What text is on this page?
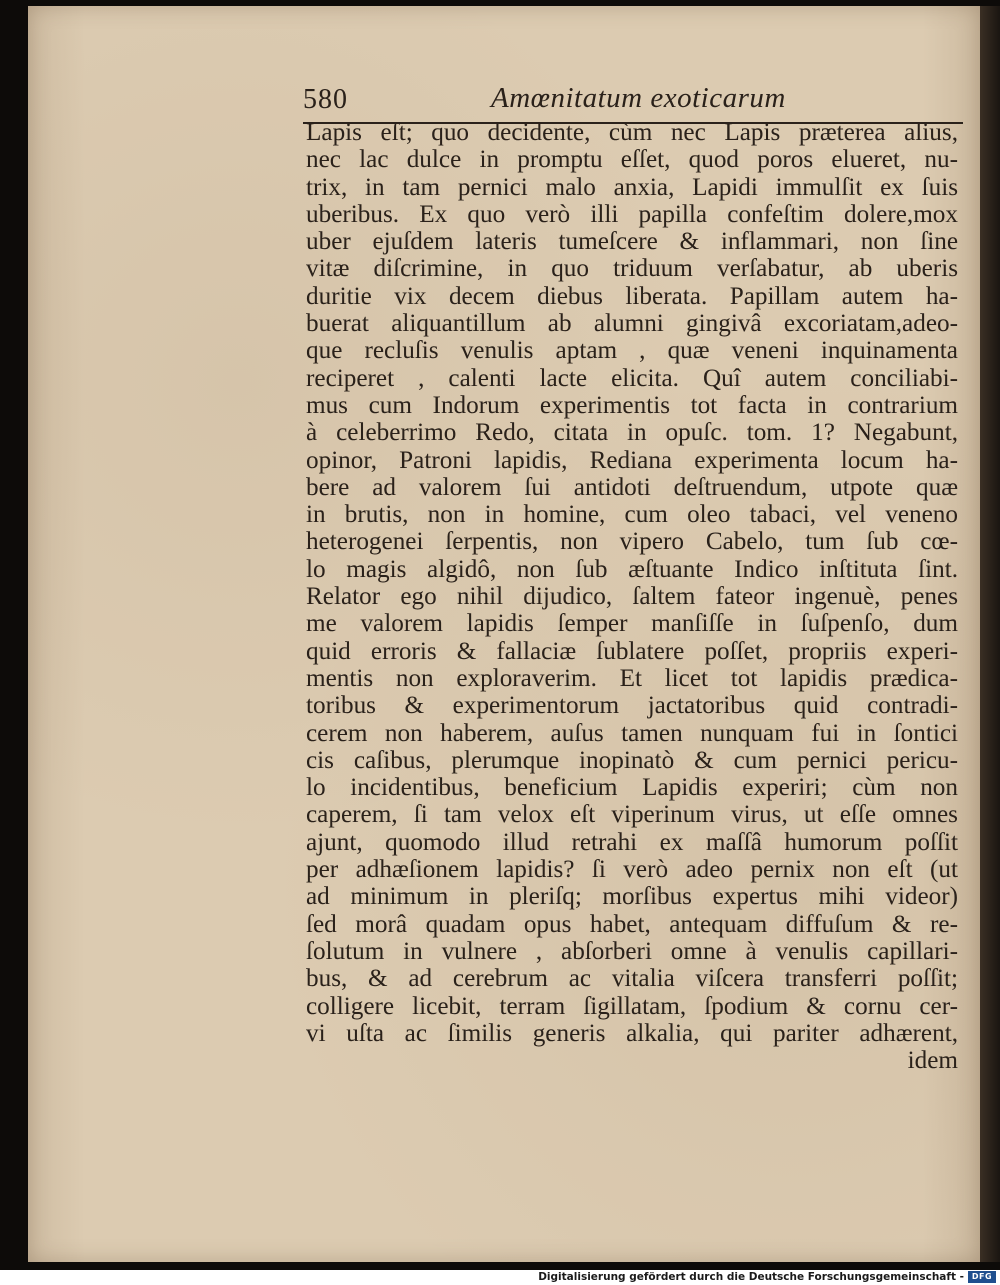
580	Amœnitatum exoticarum
Lapis eſt; quo decidente, cùm nec Lapis præterea alius,
nec lac dulce in promptu eſſet, quod poros elueret, nu-
trix, in tam pernici malo anxia, Lapidi immulſit ex ſuis
uberibus. Ex quo verò illi papilla confeſtim dolere,mox
uber ejuſdem lateris tumeſcere & inflammari, non ſine
vitæ diſcrimine, in quo triduum verſabatur, ab uberis
duritie vix decem diebus liberata. Papillam autem ha-
buerat aliquantillum ab alumni gingivâ excoriatam,adeo-
que recluſis venulis aptam , quæ veneni inquinamenta
reciperet , calenti lacte elicita. Quî autem conciliabi-
mus cum Indorum experimentis tot facta in contrarium
à celeberrimo Redo, citata in opuſc. tom. 1? Negabunt,
opinor, Patroni lapidis, Rediana experimenta locum ha-
bere ad valorem ſui antidoti deſtruendum, utpote quæ
in brutis, non in homine, cum oleo tabaci, vel veneno
heterogenei ſerpentis, non vipero Cabelo, tum ſub cœ-
lo magis algidô, non ſub æſtuante Indico inſtituta ſint.
Relator ego nihil dijudico, ſaltem fateor ingenuè, penes
me valorem lapidis ſemper manſiſſe in ſuſpenſo, dum
quid erroris & fallaciæ ſublatere poſſet, propriis experi-
mentis non exploraverim. Et licet tot lapidis prædica-
toribus & experimentorum jactatoribus quid contradi-
cerem non haberem, auſus tamen nunquam fui in ſontici
cis caſibus, plerumque inopinatò & cum pernici pericu-
lo incidentibus, beneficium Lapidis experiri; cùm non
caperem, ſi tam velox eſt viperinum virus, ut eſſe omnes
ajunt, quomodo illud retrahi ex maſſâ humorum poſſit
per adhæſionem lapidis? ſi verò adeo pernix non eſt (ut
ad minimum in pleriſq; morſibus expertus mihi videor)
ſed morâ quadam opus habet, antequam diffuſum & re-
ſolutum in vulnere , abſorberi omne à venulis capillari-
bus, & ad cerebrum ac vitalia viſcera transferri poſſit;
colligere licebit, terram ſigillatam, ſpodium & cornu cer-
vi uſta ac ſimilis generis alkalia, qui pariter adhærent,
idem
Digitalisierung gefördert durch die Deutsche Forschungsgemeinschaft - DFG
